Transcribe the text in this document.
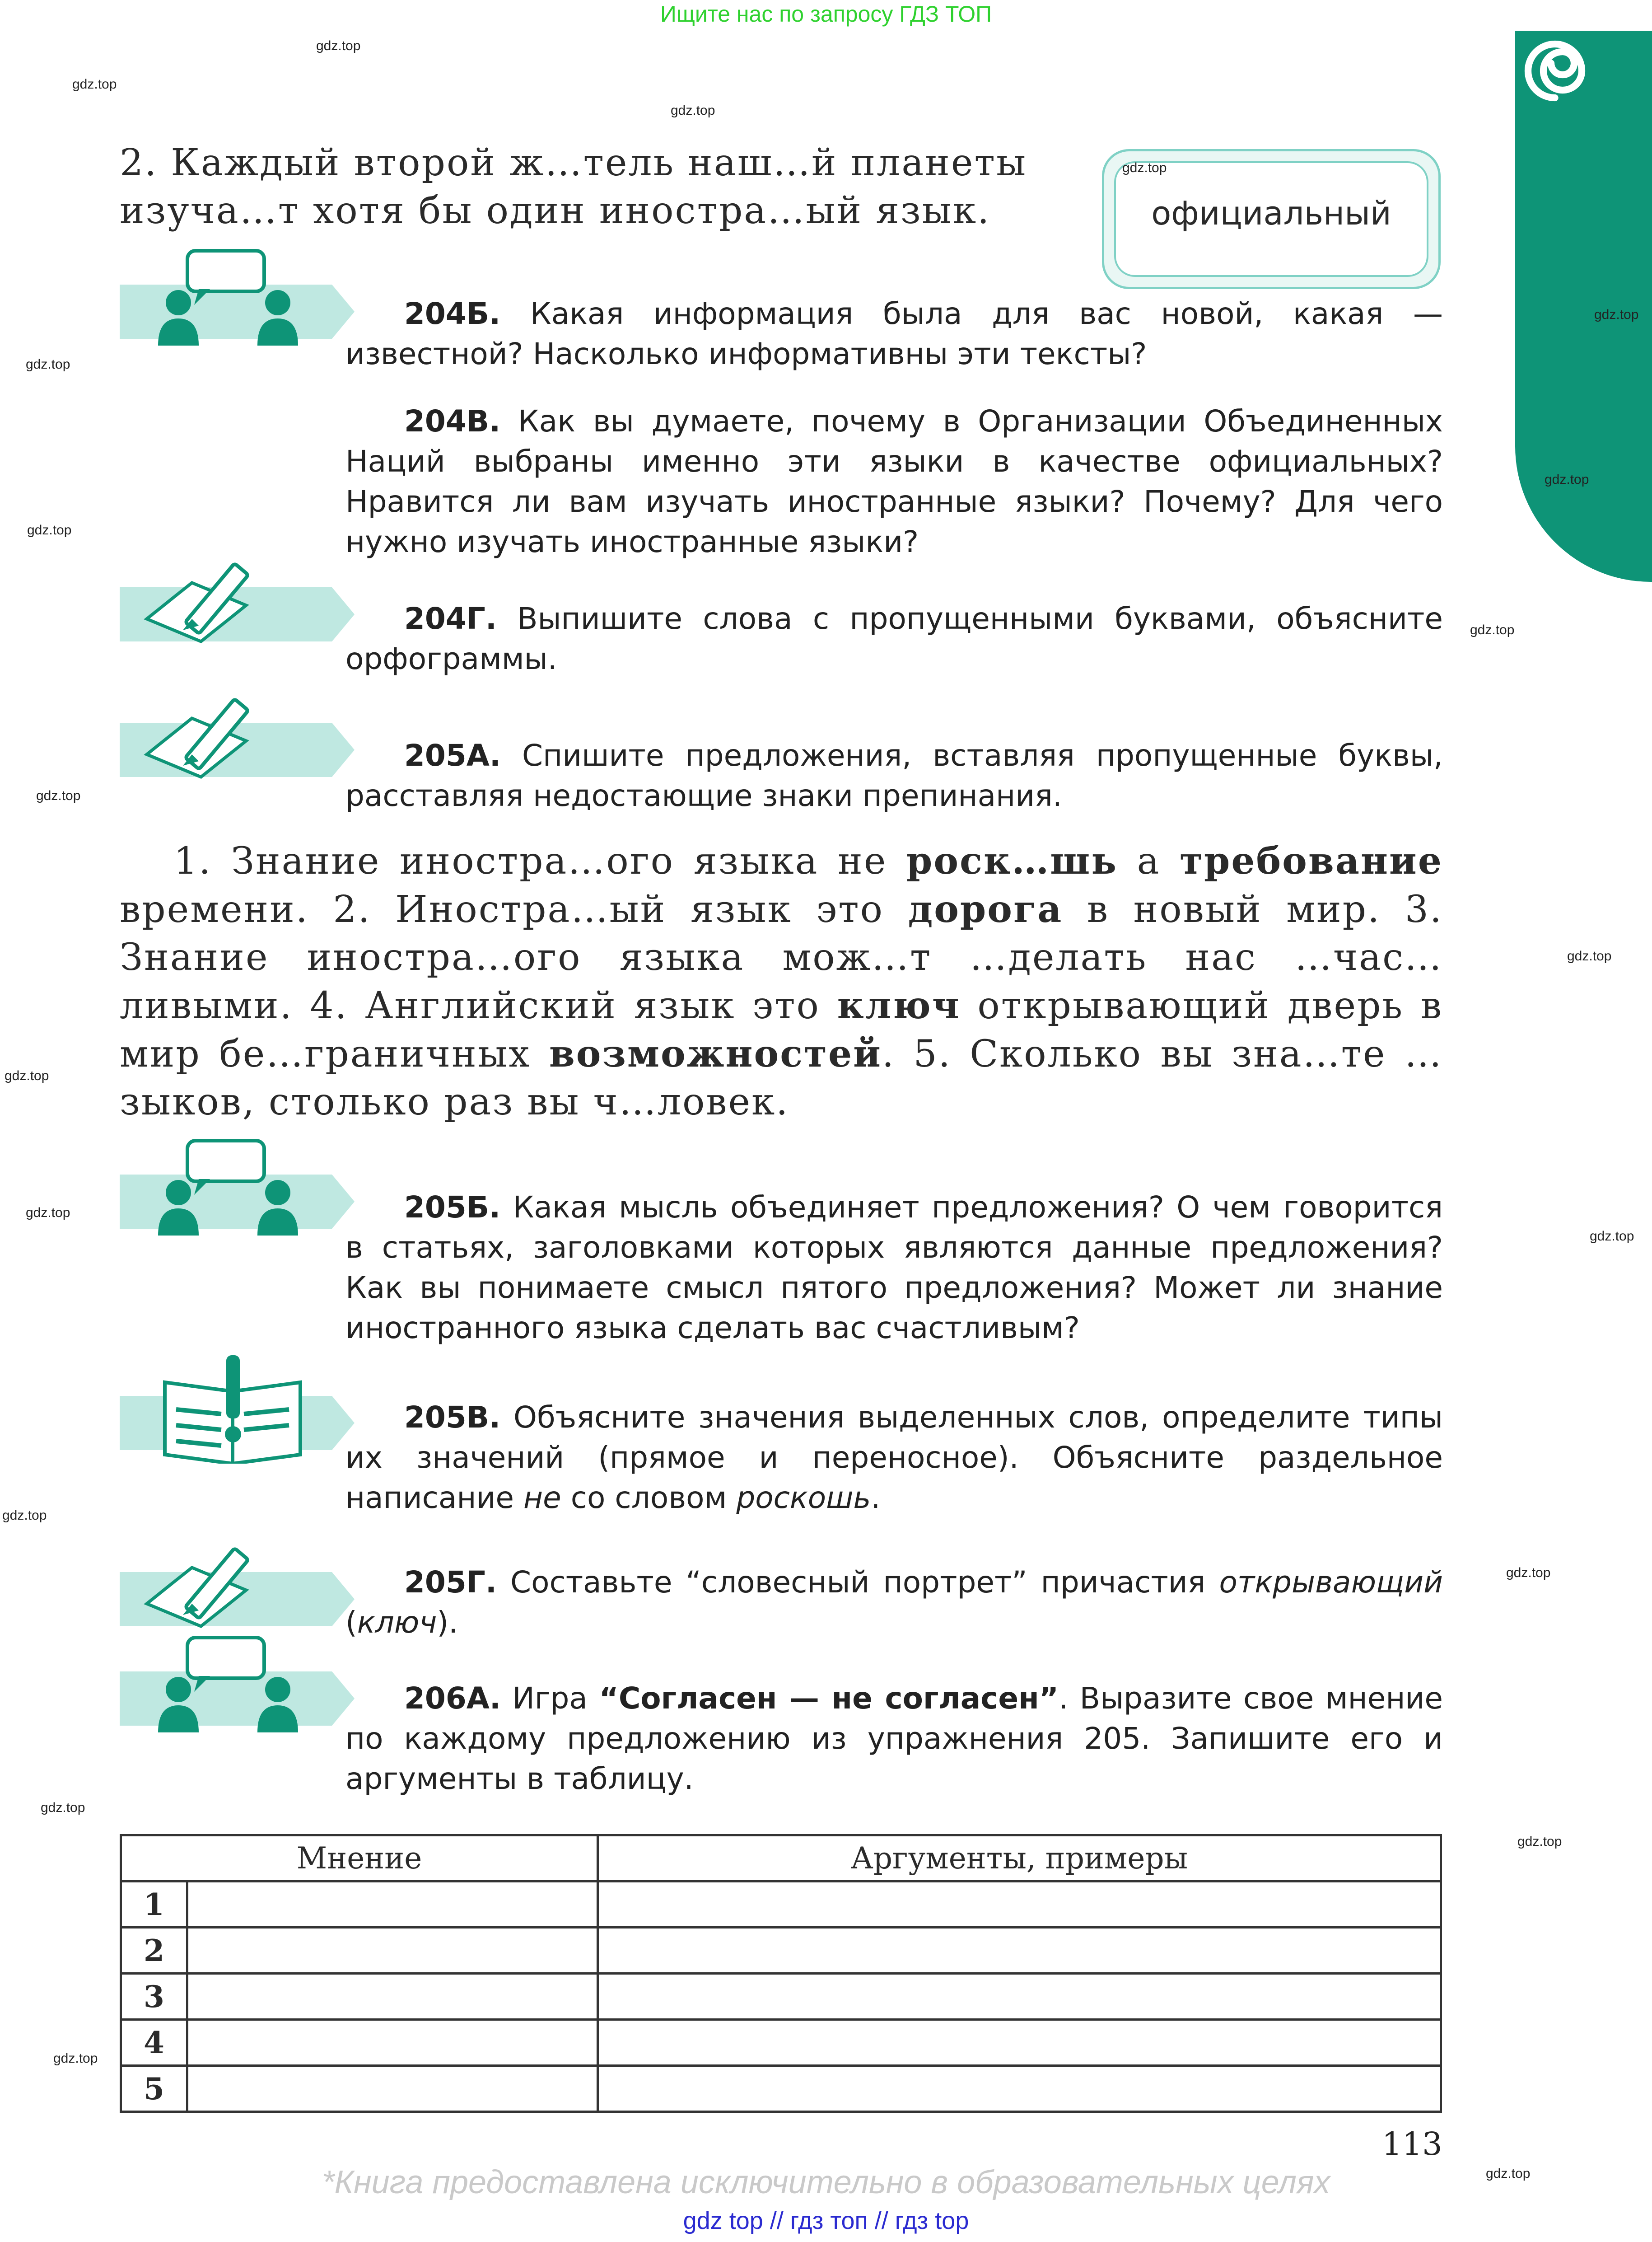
Ищите нас по запросу ГДЗ ТОП
2. Каждый второй ж…тель наш…й планеты изуча…т хотя бы один иностра…ый язык.	официальный
204Б. Какая информация была для вас новой, какая — известной? Насколько информативны эти тексты?
204В. Как вы думаете, почему в Организации Объединенных Наций выбраны именно эти языки в качестве официальных? Нравится ли вам изучать иностранные языки? Почему? Для чего нужно изучать иностранные языки?
204Г. Выпишите слова с пропущенными буквами, объясните орфограммы.
205А. Спишите предложения, вставляя пропущенные буквы, расставляя недостающие знаки препинания.
1. Знание иностра…ого языка не роск…шь а требование времени. 2. Иностра…ый язык это дорога в новый мир. 3. Знание иностра…ого языка мож…т …делать нас …час…ливыми. 4. Английский язык это ключ открывающий дверь в мир бе…граничных возможностей. 5. Сколько вы зна…те …зыков, столько раз вы ч…ловек.
205Б. Какая мысль объединяет предложения? О чем говорится в статьях, заголовками которых являются данные предложения? Как вы понимаете смысл пятого предложения? Может ли знание иностранного языка сделать вас счастливым?
205В. Объясните значения выделенных слов, определите типы их значений (прямое и переносное). Объясните раздельное написание не со словом роскошь.
205Г. Составьте “словесный портрет” причастия открывающий (ключ).
206А. Игра “Согласен — не согласен”. Выразите свое мнение по каждому предложению из упражнения 205. Запишите его и аргументы в таблицу.
Мнение		Аргументы, примеры
1		
2		
3		
4		
5		
113
*Книга предоставлена исключительно в образовательных целях
gdz top // гдз топ // гдз top
gdz.top
gdz.top
gdz.top
gdz.top
gdz.top
gdz.top
gdz.top
gdz.top
gdz.top
gdz.top
gdz.top
gdz.top
gdz.top
gdz.top
gdz.top
gdz.top
gdz.top
gdz.top
gdz.top
gdz.top
